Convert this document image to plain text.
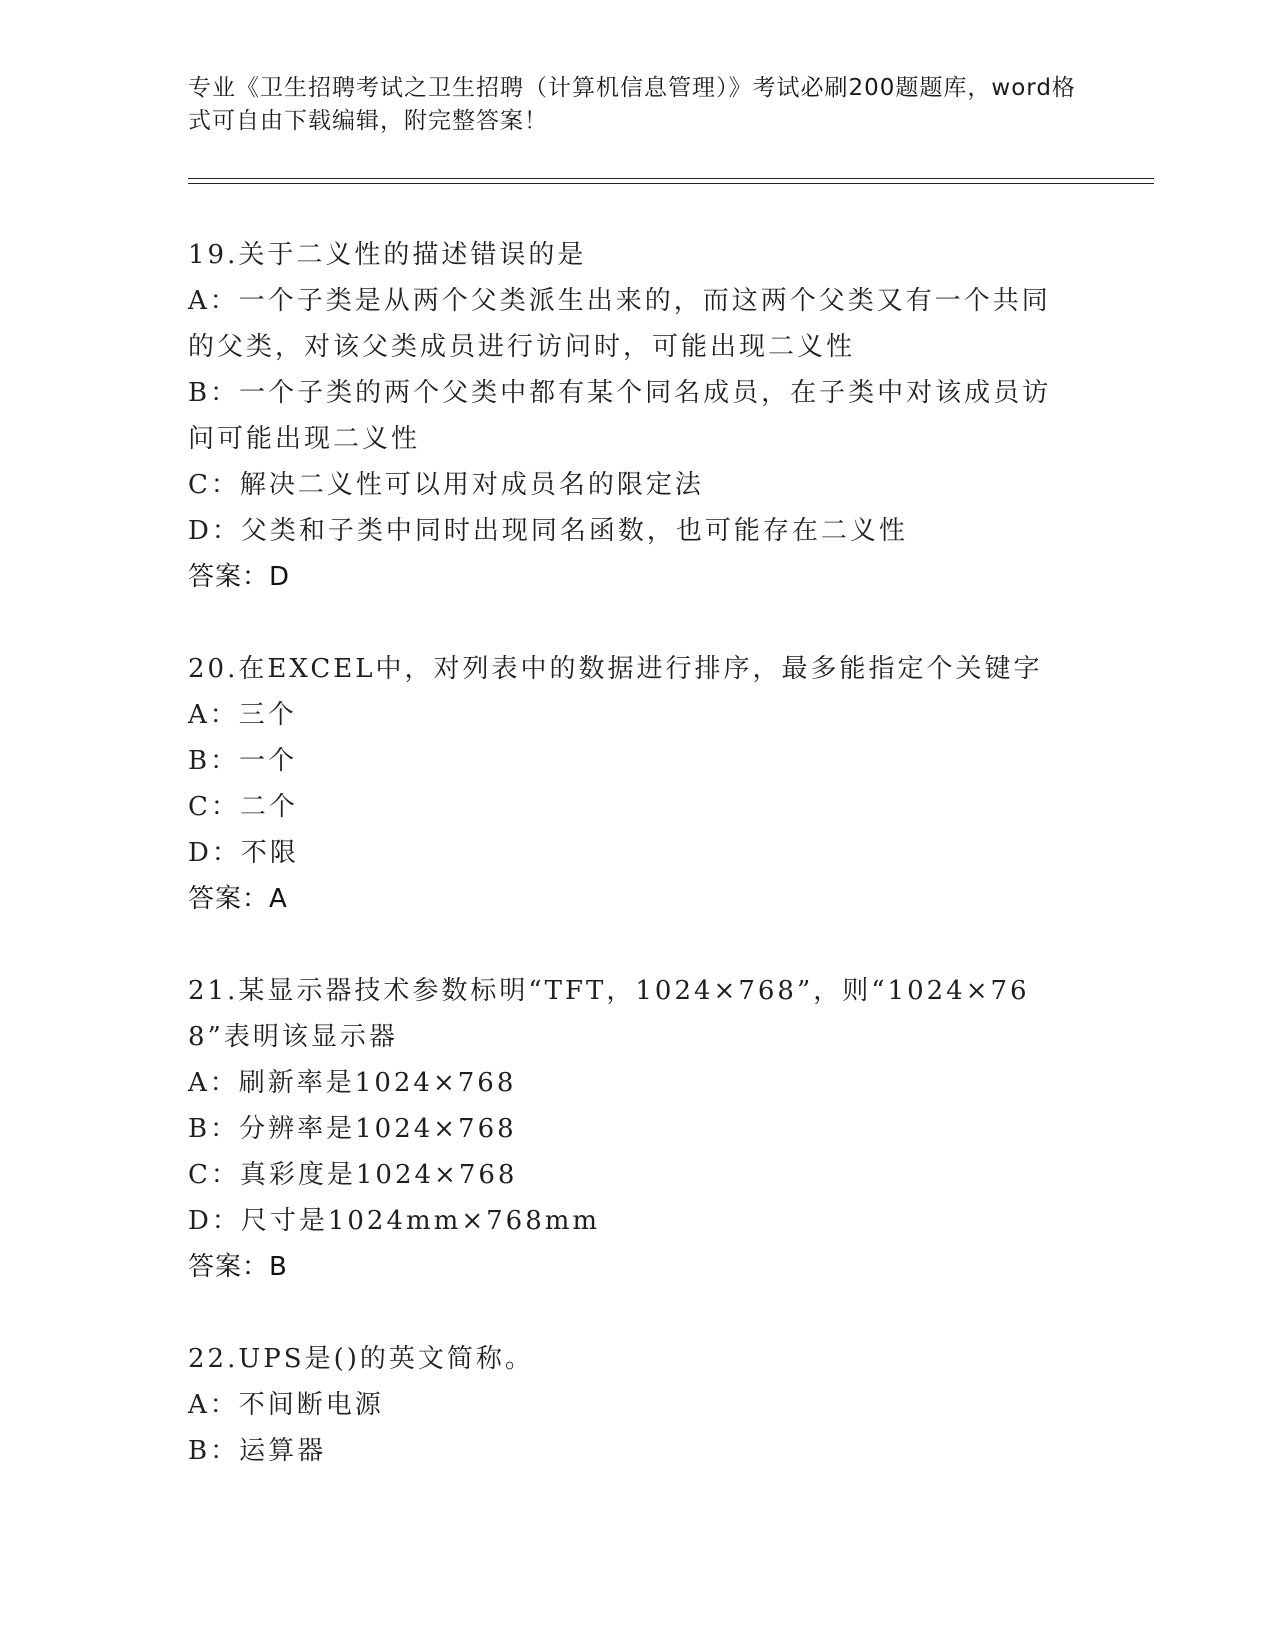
专业《卫生招聘考试之卫生招聘（计算机信息管理）》考试必刷200题题库，word格式可自由下载编辑，附完整答案！
19.关于二义性的描述错误的是
A：一个子类是从两个父类派生出来的，而这两个父类又有一个共同的父类，对该父类成员进行访问时，可能出现二义性
B：一个子类的两个父类中都有某个同名成员，在子类中对该成员访问可能出现二义性
C：解决二义性可以用对成员名的限定法
D：父类和子类中同时出现同名函数，也可能存在二义性
答案：D
20.在EXCEL中，对列表中的数据进行排序，最多能指定个关键字
A：三个
B：一个
C：二个
D：不限
答案：A
21.某显示器技术参数标明“TFT，1024×768”，则“1024×768”表明该显示器
A：刷新率是1024×768
B：分辨率是1024×768
C：真彩度是1024×768
D：尺寸是1024mm×768mm
答案：B
22.UPS是()的英文简称。
A：不间断电源
B：运算器
